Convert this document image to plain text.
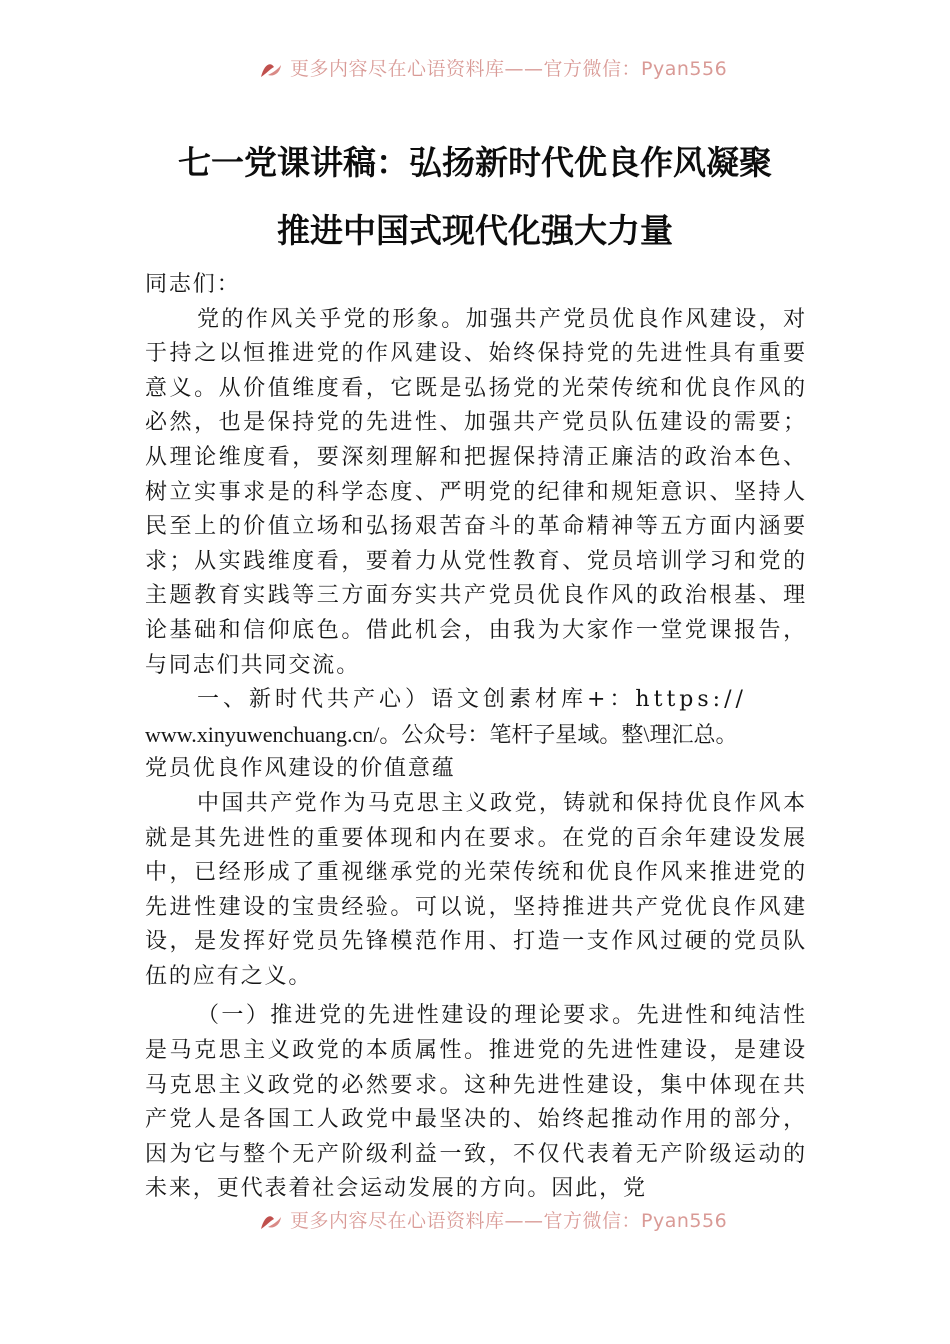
更多内容尽在心语资料库——官方微信：Pyan556
七一党课讲稿：弘扬新时代优良作风凝聚
推进中国式现代化强大力量

同志们：

党的作风关乎党的形象。加强共产党员优良作风建设，对于持之以恒推进党的作风建设、始终保持党的先进性具有重要意义。从价值维度看，它既是弘扬党的光荣传统和优良作风的必然，也是保持党的先进性、加强共产党员队伍建设的需要；从理论维度看，要深刻理解和把握保持清正廉洁的政治本色、树立实事求是的科学态度、严明党的纪律和规矩意识、坚持人民至上的价值立场和弘扬艰苦奋斗的革命精神等五方面内涵要求；从实践维度看，要着力从党性教育、党员培训学习和党的主题教育实践等三方面夯实共产党员优良作风的政治根基、理论基础和信仰底色。借此机会，由我为大家作一堂党课报告，与同志们共同交流。

一、新时代共产心）语文创素材库+：https://

www.xinyuwenchuang.cn/。公众号：笔杆子星域。整\理汇总。
党员优良作风建设的价值意蕴

中国共产党作为马克思主义政党，铸就和保持优良作风本就是其先进性的重要体现和内在要求。在党的百余年建设发展中，已经形成了重视继承党的光荣传统和优良作风来推进党的先进性建设的宝贵经验。可以说，坚持推进共产党优良作风建设，是发挥好党员先锋模范作用、打造一支作风过硬的党员队伍的应有之义。

（一）推进党的先进性建设的理论要求。先进性和纯洁性是马克思主义政党的本质属性。推进党的先进性建设，是建设马克思主义政党的必然要求。这种先进性建设，集中体现在共产党人是各国工人政党中最坚决的、始终起推动作用的部分，因为它与整个无产阶级利益一致，不仅代表着无产阶级运动的未来，更代表着社会运动发展的方向。因此，党

更多内容尽在心语资料库——官方微信：Pyan556
